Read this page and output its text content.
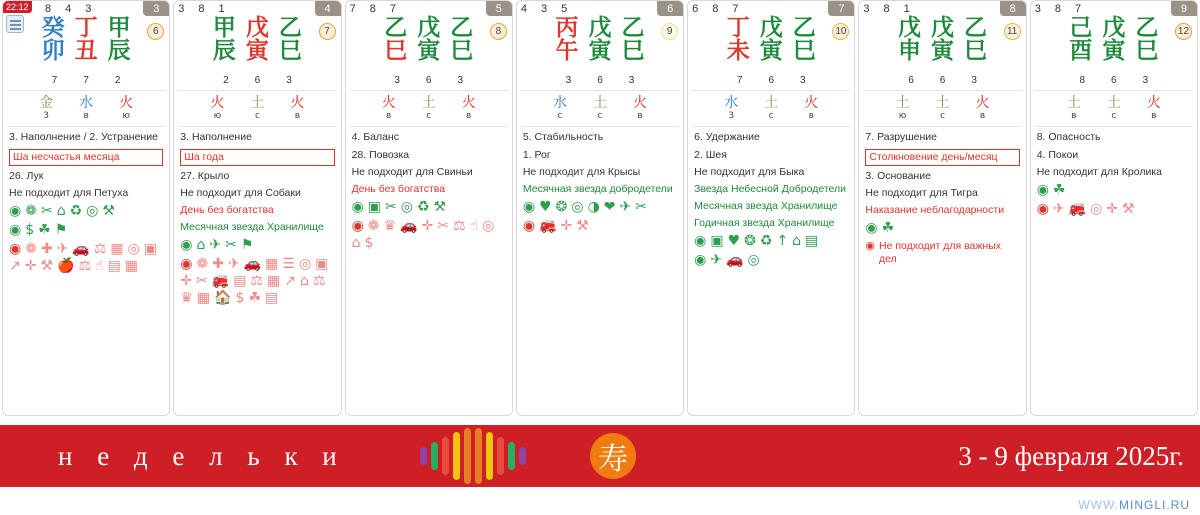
22:12 8 4 3	3
6
癸
卯
丁
丑
甲
辰
7	7	2
金
3
水
в
火
ю

3. Наполнение / 2. Устранение

Ша несчастья месяца

26. Лук

Не подходит для Петуха

◉ ❁ ✂ ⌂ ♻ ◎ ⚒
◉ $ ☘ ⚑
◉ ❁ ✚ ✈ 🚗 ⚖ ▦ ◎ ▣
↗ ✛ ⚒ 🍎 ⚖ ☝ ▤ ▦
3 8 1	4
7
甲
辰
戊
寅
乙
巳
2	6	3
火
ю
土
с
火
в

3. Наполнение

Ша года

27. Крыло

Не подходит для Собаки

День без богатства

Месячная звезда Хранилище

◉ ⌂ ✈ ✂ ⚑
◉ ❁ ✚ ✈ 🚗 ▦ ☰ ◎ ▣
✛ ✂ 🚒 ▤ ⚖ ▦ ↗ ⌂ ⚖
♛ ▦ 🏠 $ ☘ ▤
7 8 7	5
8
乙
巳
戊
寅
乙
巳
3	6	3
火
в
土
с
火
в

4. Баланс

28. Повозка

Не подходит для Свиньи

День без богатства

◉ ▣ ✂ ◎ ♻ ⚒
◉ ❁ ♛ 🚗 ✛ ✂ ⚖ ☝ ◎
⌂ $
4 3 5	6
9
丙
午
戊
寅
乙
巳
3	6	3
水
с
土
с
火
в

5. Стабильность

1. Рог

Не подходит для Крысы

Месячная звезда добродетели

◉ ♥ ❂ ◎ ◑ ❤ ✈ ✂
◉ 🚒 ✛ ⚒
6 8 7	7
10
丁
未
戊
寅
乙
巳
7	6	3
水
3
土
с
火
в

6. Удержание

2. Шея

Не подходит для Быка

Звезда Небесной Добродетели

Месячная звезда Хранилище

Годичная звезда Хранилище

◉ ▣ ♥ ❂ ♻ ↑ ⌂ ▤
◉ ✈ 🚗 ◎
3 8 1	8
11
戊
申
戊
寅
乙
巳
6	6	3
土
ю
土
с
火
в

7. Разрушение

Столкновение день/месяц

3. Основание

Не подходит для Тигра

Наказание неблагодарности

◉ ☘
◉ Не подходит для важных дел
3 8 7	9
12
己
酉
戊
寅
乙
巳
8	6	3
土
в
土
с
火
в

8. Опасность

4. Покои

Не подходит для Кролика

◉ ☘
◉ ✈ 🚒 ◎ ✛ ⚒
н е д е л ь к и	寿	3 - 9 февраля 2025г.
WWW.MINGLI.RU
